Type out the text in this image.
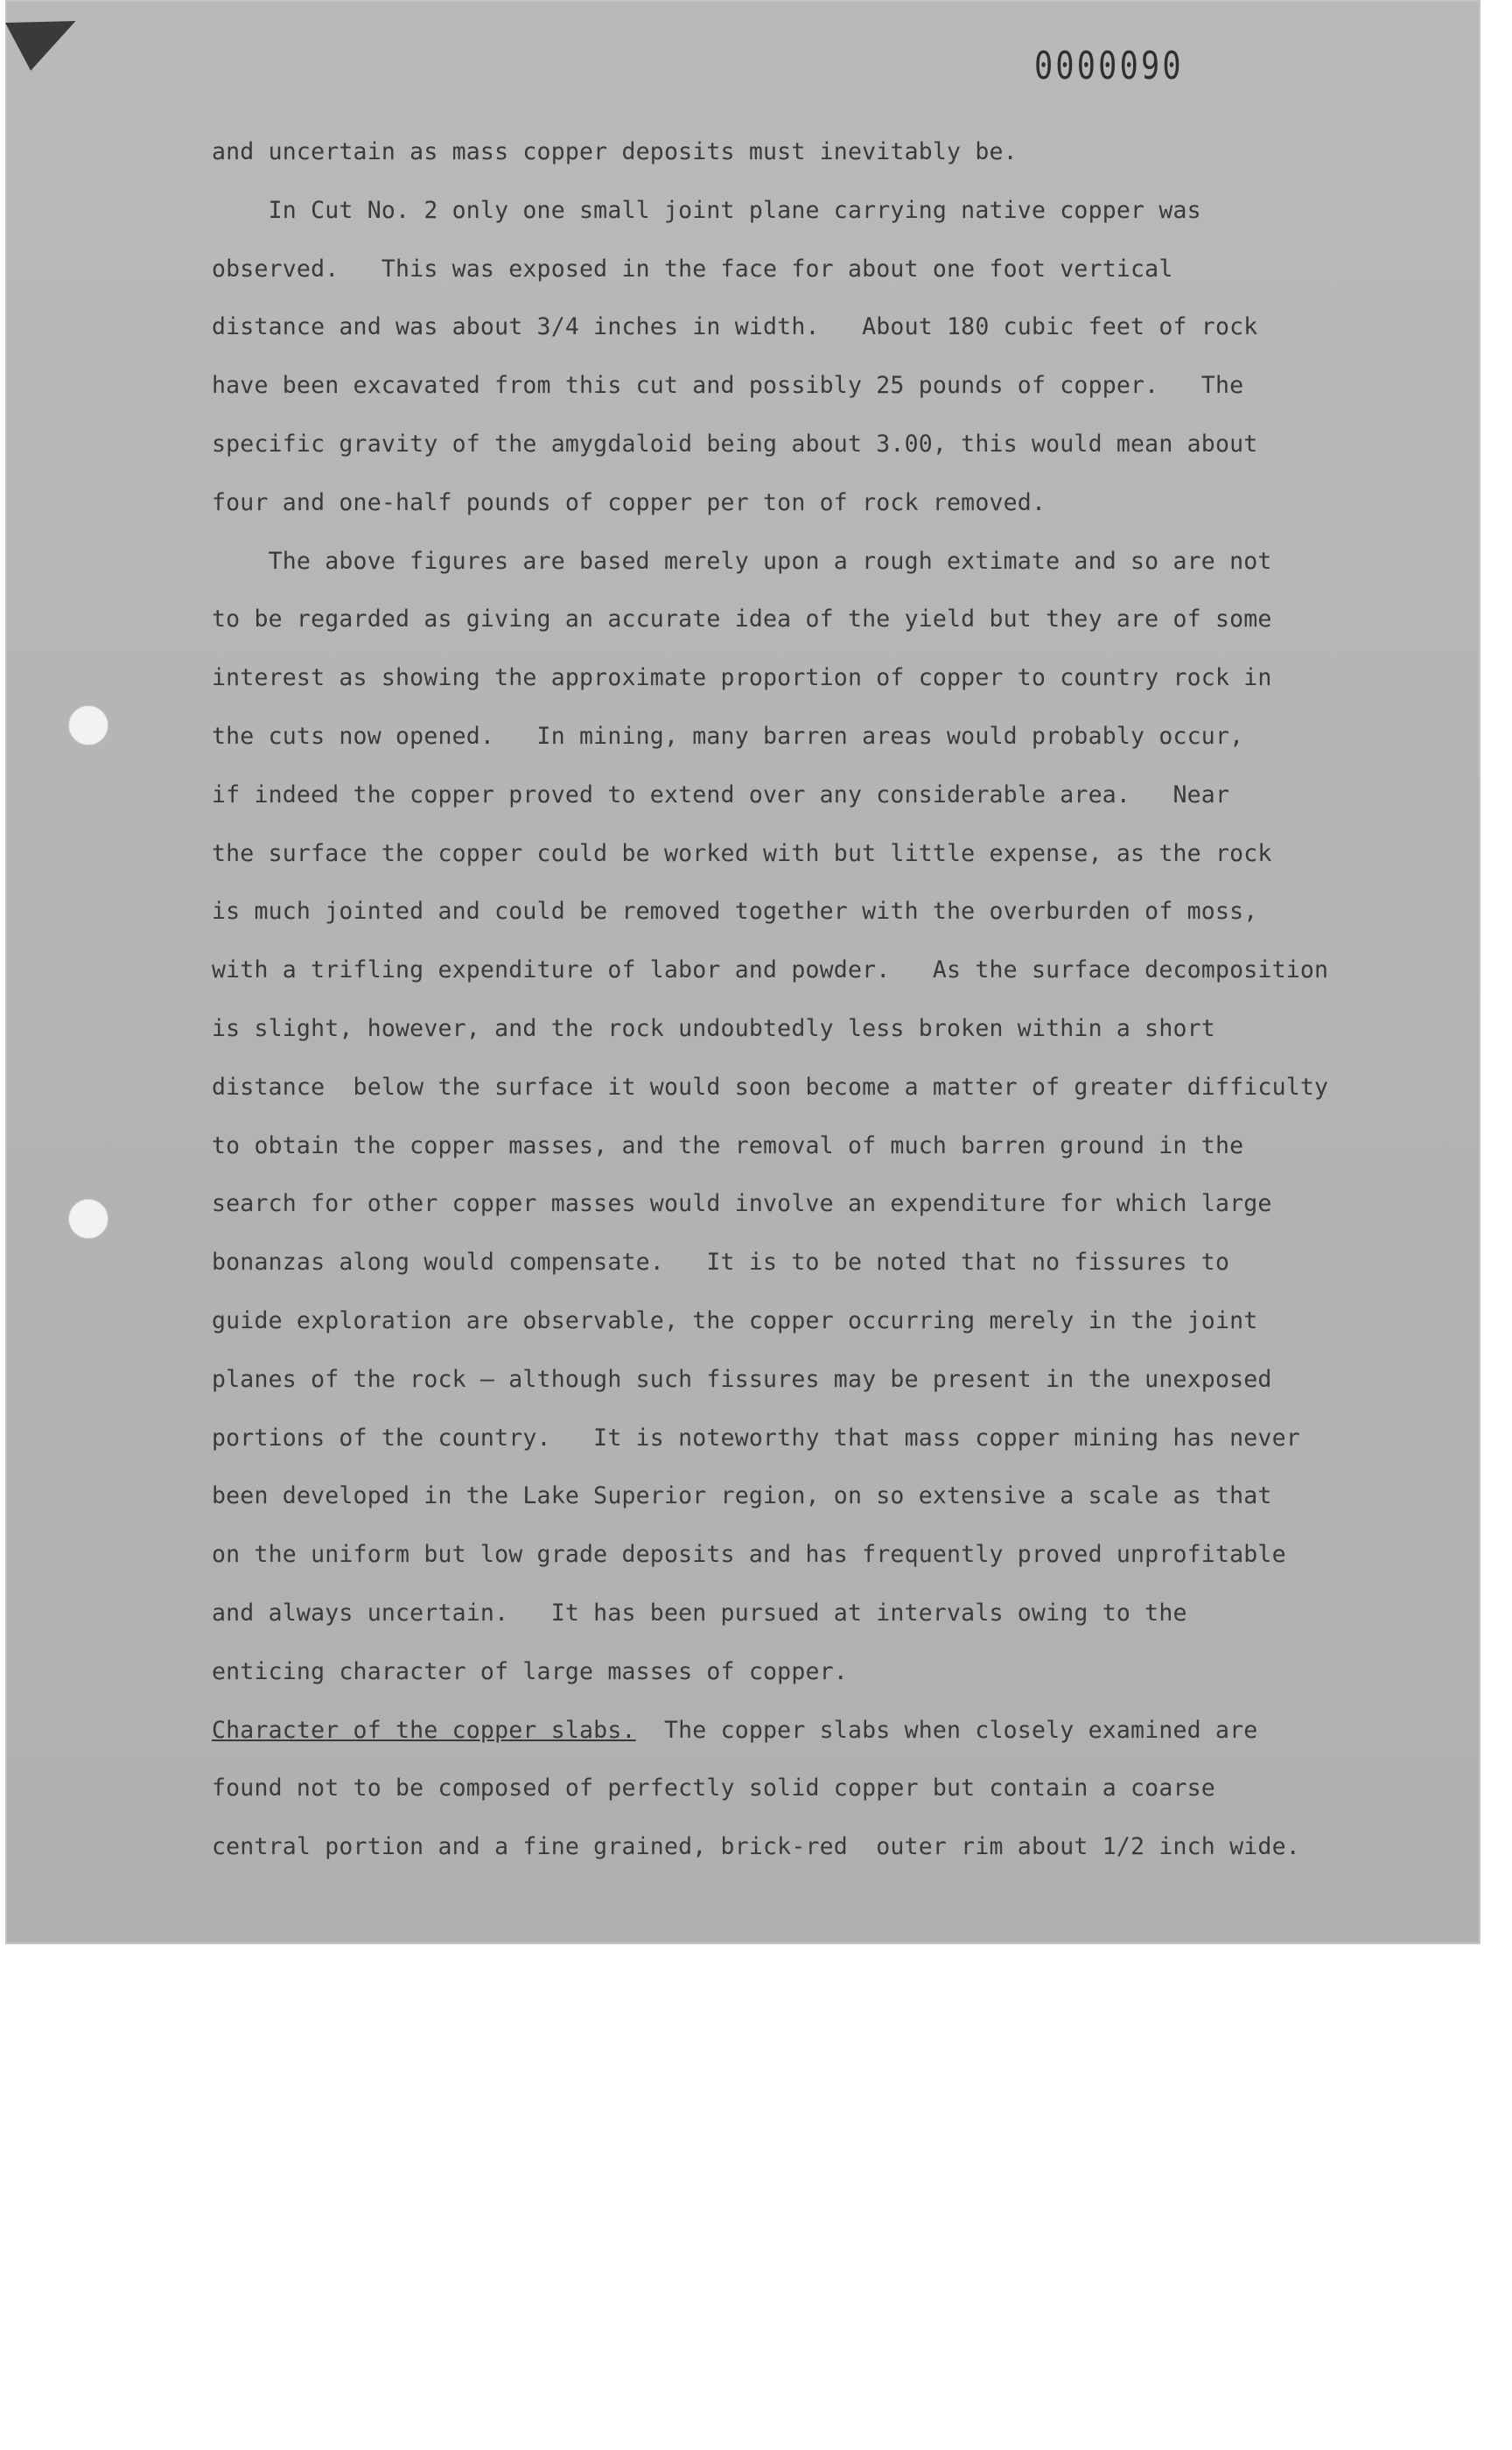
0000090

and uncertain as mass copper deposits must inevitably be.

In Cut No. 2 only one small joint plane carrying native copper was

observed.   This was exposed in the face for about one foot vertical

distance and was about 3/4 inches in width.   About 180 cubic feet of rock

have been excavated from this cut and possibly 25 pounds of copper.   The

specific gravity of the amygdaloid being about 3.00, this would mean about

four and one-half pounds of copper per ton of rock removed.

The above figures are based merely upon a rough extimate and so are not

to be regarded as giving an accurate idea of the yield but they are of some

interest as showing the approximate proportion of copper to country rock in

the cuts now opened.   In mining, many barren areas would probably occur,

if indeed the copper proved to extend over any considerable area.   Near

the surface the copper could be worked with but little expense, as the rock

is much jointed and could be removed together with the overburden of moss,

with a trifling expenditure of labor and powder.   As the surface decomposition

is slight, however, and the rock undoubtedly less broken within a short

distance  below the surface it would soon become a matter of greater difficulty

to obtain the copper masses, and the removal of much barren ground in the

search for other copper masses would involve an expenditure for which large

bonanzas along would compensate.   It is to be noted that no fissures to

guide exploration are observable, the copper occurring merely in the joint

planes of the rock — although such fissures may be present in the unexposed

portions of the country.   It is noteworthy that mass copper mining has never

been developed in the Lake Superior region, on so extensive a scale as that

on the uniform but low grade deposits and has frequently proved unprofitable

and always uncertain.   It has been pursued at intervals owing to the

enticing character of large masses of copper.

Character of the copper slabs.  The copper slabs when closely examined are

found not to be composed of perfectly solid copper but contain a coarse

central portion and a fine grained, brick-red  outer rim about 1/2 inch wide.
